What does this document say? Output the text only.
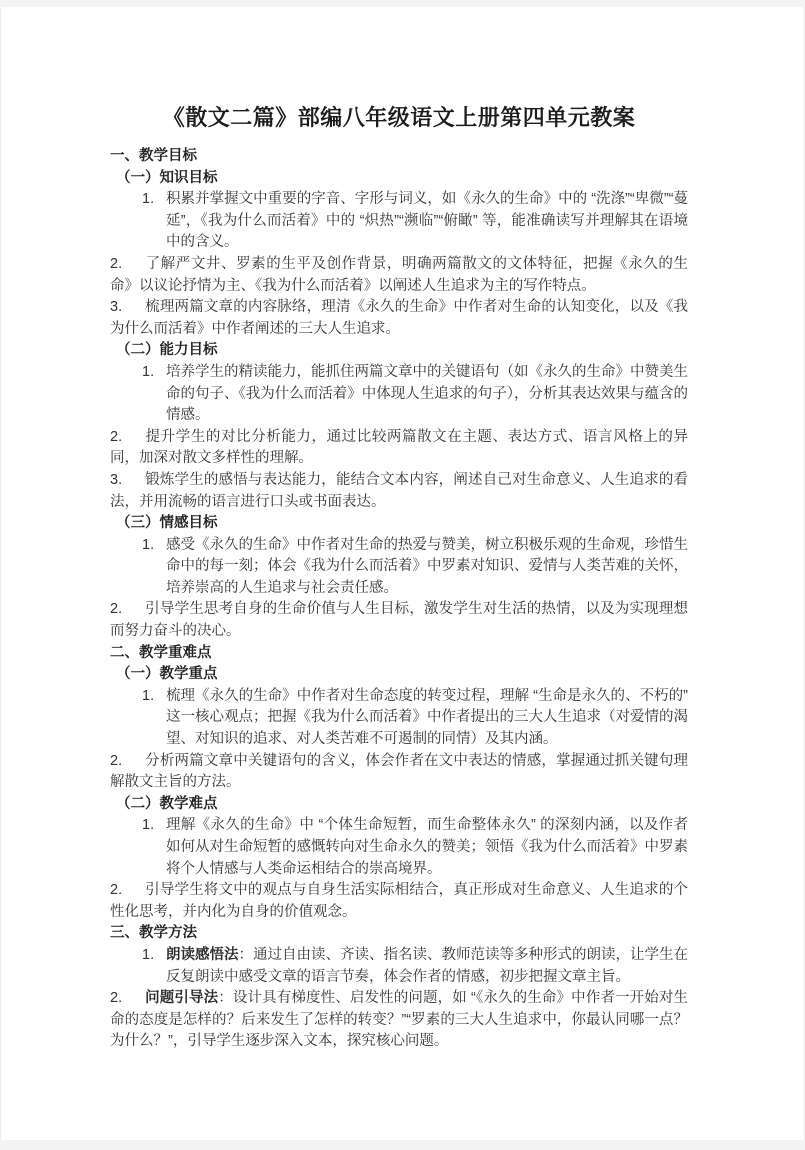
《散文二篇》部编八年级语文上册第四单元教案
一、教学目标
（一）知识目标
1. 积累并掌握文中重要的字音、字形与词义，如《永久的生命》中的 “洗涤”“卑微”“蔓延”，《我为什么而活着》中的 “炽热”“濒临”“俯瞰” 等，能准确读写并理解其在语境中的含义。
2. 了解严文井、罗素的生平及创作背景，明确两篇散文的文体特征，把握《永久的生命》以议论抒情为主、《我为什么而活着》以阐述人生追求为主的写作特点。
3. 梳理两篇文章的内容脉络，理清《永久的生命》中作者对生命的认知变化，以及《我为什么而活着》中作者阐述的三大人生追求。
（二）能力目标
1. 培养学生的精读能力，能抓住两篇文章中的关键语句（如《永久的生命》中赞美生命的句子、《我为什么而活着》中体现人生追求的句子），分析其表达效果与蕴含的情感。
2. 提升学生的对比分析能力，通过比较两篇散文在主题、表达方式、语言风格上的异同，加深对散文多样性的理解。
3. 锻炼学生的感悟与表达能力，能结合文本内容，阐述自己对生命意义、人生追求的看法，并用流畅的语言进行口头或书面表达。
（三）情感目标
1. 感受《永久的生命》中作者对生命的热爱与赞美，树立积极乐观的生命观，珍惜生命中的每一刻；体会《我为什么而活着》中罗素对知识、爱情与人类苦难的关怀，培养崇高的人生追求与社会责任感。
2. 引导学生思考自身的生命价值与人生目标，激发学生对生活的热情，以及为实现理想而努力奋斗的决心。
二、教学重难点
（一）教学重点
1. 梳理《永久的生命》中作者对生命态度的转变过程，理解 “生命是永久的、不朽的” 这一核心观点；把握《我为什么而活着》中作者提出的三大人生追求（对爱情的渴望、对知识的追求、对人类苦难不可遏制的同情）及其内涵。
2. 分析两篇文章中关键语句的含义，体会作者在文中表达的情感，掌握通过抓关键句理解散文主旨的方法。
（二）教学难点
1. 理解《永久的生命》中 “个体生命短暂，而生命整体永久” 的深刻内涵，以及作者如何从对生命短暂的感慨转向对生命永久的赞美；领悟《我为什么而活着》中罗素将个人情感与人类命运相结合的崇高境界。
2. 引导学生将文中的观点与自身生活实际相结合，真正形成对生命意义、人生追求的个性化思考，并内化为自身的价值观念。
三、教学方法
1. 朗读感悟法：通过自由读、齐读、指名读、教师范读等多种形式的朗读，让学生在反复朗读中感受文章的语言节奏，体会作者的情感，初步把握文章主旨。
2. 问题引导法：设计具有梯度性、启发性的问题，如 “《永久的生命》中作者一开始对生命的态度是怎样的？后来发生了怎样的转变？”“罗素的三大人生追求中，你最认同哪一点？为什么？”，引导学生逐步深入文本，探究核心问题。
